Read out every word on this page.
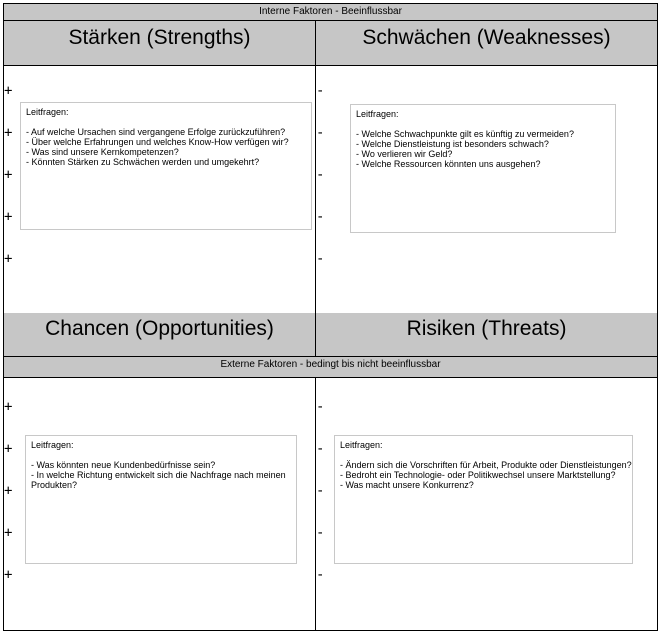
Interne Faktoren - Beeinflussbar
Stärken (Strengths)	Schwächen (Weaknesses)
Chancen (Opportunities)	Risiken (Threats)
Externe Faktoren - bedingt bis nicht beeinflussbar
+
+
+
+
+
-
-
-
-
-
+
+
+
+
+
-
-
-
-
-
Leitfragen:
- Auf welche Ursachen sind vergangene Erfolge zurückzuführen?
- Über welche Erfahrungen und welches Know-How verfügen wir?
- Was sind unsere Kernkompetenzen?
- Könnten Stärken zu Schwächen werden und umgekehrt?
Leitfragen:
- Welche Schwachpunkte gilt es künftig zu vermeiden?
- Welche Dienstleistung ist besonders schwach?
- Wo verlieren wir Geld?
- Welche Ressourcen könnten uns ausgehen?
Leitfragen:
- Was könnten neue Kundenbedürfnisse sein?
- In welche Richtung entwickelt sich die Nachfrage nach meinen
Produkten?
Leitfragen:
- Ändern sich die Vorschriften für Arbeit, Produkte oder Dienstleistungen?
- Bedroht ein Technologie- oder Politikwechsel unsere Marktstellung?
- Was macht unsere Konkurrenz?
